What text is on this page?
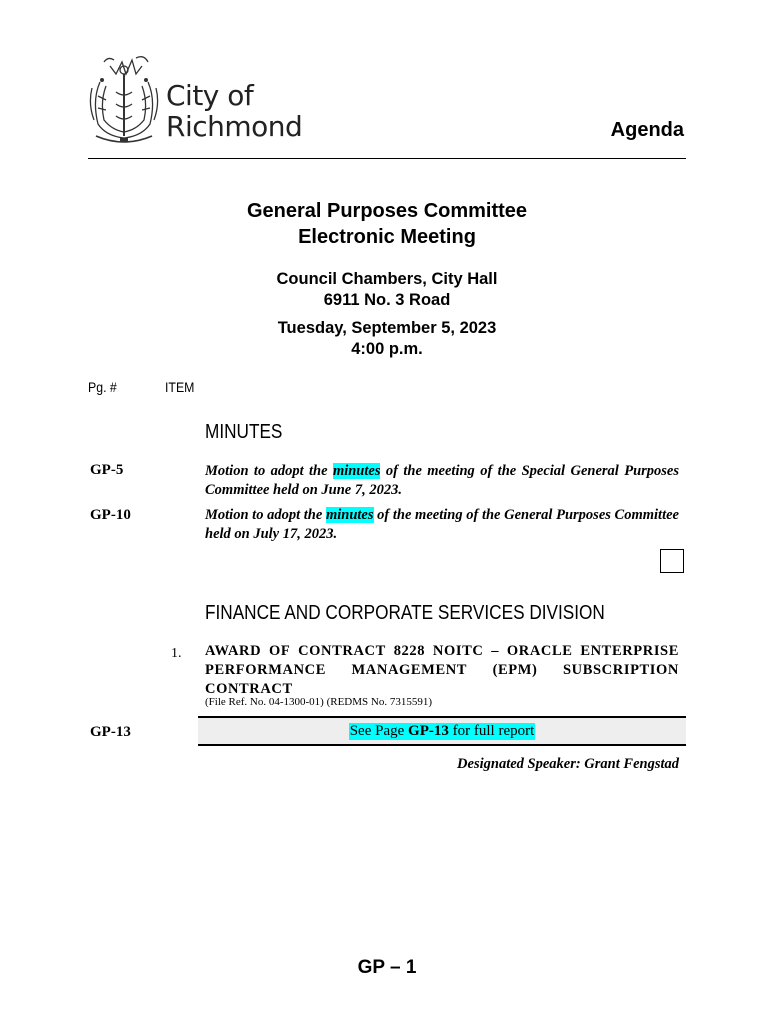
City of
Richmond	Agenda
General Purposes Committee
Electronic Meeting
Council Chambers, City Hall
6911 No. 3 Road
Tuesday, September 5, 2023
4:00 p.m.
Pg. #	ITEM
MINUTES
GP-5	Motion to adopt the minutes of the meeting of the Special General Purposes Committee held on June 7, 2023.
GP-10	Motion to adopt the minutes of the meeting of the General Purposes Committee held on July 17, 2023.
FINANCE AND CORPORATE SERVICES DIVISION
1. AWARD OF CONTRACT 8228 NOITC – ORACLE ENTERPRISE
PERFORMANCE MANAGEMENT (EPM) SUBSCRIPTION
CONTRACT
(File Ref. No. 04-1300-01) (REDMS No. 7315591)
GP-13	See Page GP-13 for full report
Designated Speaker: Grant Fengstad
GP – 1
